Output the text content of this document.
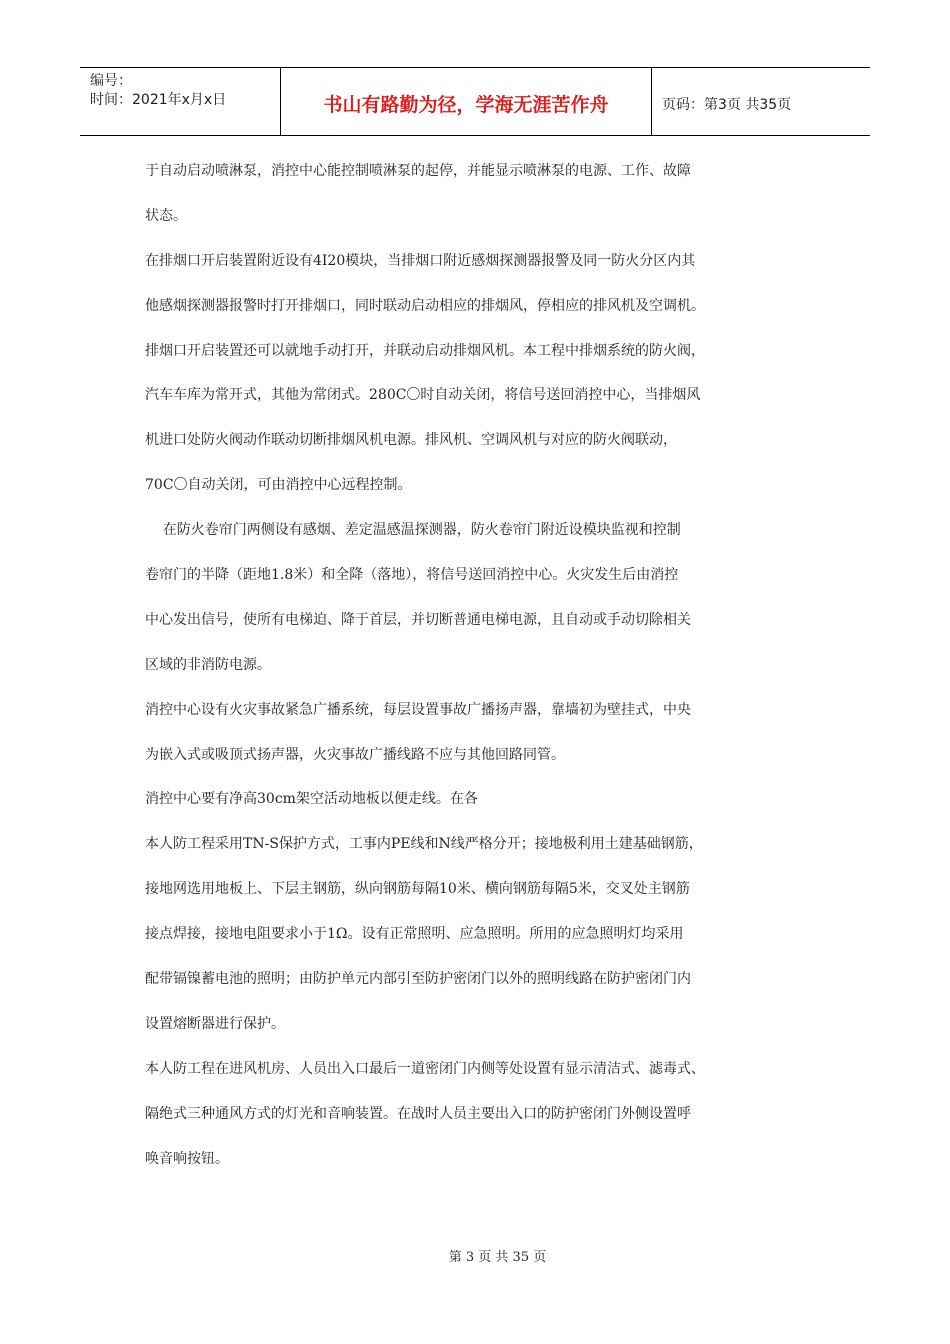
编号：
时间：2021年x月x日	书山有路勤为径，学海无涯苦作舟	页码：第3页 共35页
于自动启动喷淋泵，消控中心能控制喷淋泵的起停，并能显示喷淋泵的电源、工作、故障
状态。
在排烟口开启装置附近设有4I20模块，当排烟口附近感烟探测器报警及同一防火分区内其
他感烟探测器报警时打开排烟口，同时联动启动相应的排烟风，停相应的排风机及空调机。
排烟口开启装置还可以就地手动打开，并联动启动排烟风机。本工程中排烟系统的防火阀，
汽车车库为常开式，其他为常闭式。280C〇时自动关闭，将信号送回消控中心，当排烟风
机进口处防火阀动作联动切断排烟风机电源。排风机、空调风机与对应的防火阀联动，
70C〇自动关闭，可由消控中心远程控制。
在防火卷帘门两侧设有感烟、差定温感温探测器，防火卷帘门附近设模块监视和控制
卷帘门的半降（距地1.8米）和全降（落地），将信号送回消控中心。火灾发生后由消控
中心发出信号，使所有电梯迫、降于首层，并切断普通电梯电源，且自动或手动切除相关
区域的非消防电源。
消控中心设有火灾事故紧急广播系统，每层设置事故广播扬声器，靠墙初为壁挂式，中央
为嵌入式或吸顶式扬声器，火灾事故广播线路不应与其他回路同管。
消控中心要有净高30cm架空活动地板以便走线。在各
本人防工程采用TN-S保护方式，工事内PE线和N线严格分开；接地极利用土建基础钢筋，
接地网选用地板上、下层主钢筋，纵向钢筋每隔10米、横向钢筋每隔5米，交叉处主钢筋
接点焊接，接地电阻要求小于1Ω。设有正常照明、应急照明。所用的应急照明灯均采用
配带镉镍蓄电池的照明；由防护单元内部引至防护密闭门以外的照明线路在防护密闭门内
设置熔断器进行保护。
本人防工程在进风机房、人员出入口最后一道密闭门内侧等处设置有显示清洁式、滤毒式、
隔绝式三种通风方式的灯光和音响装置。在战时人员主要出入口的防护密闭门外侧设置呼
唤音响按钮。
第 3 页 共 35 页
